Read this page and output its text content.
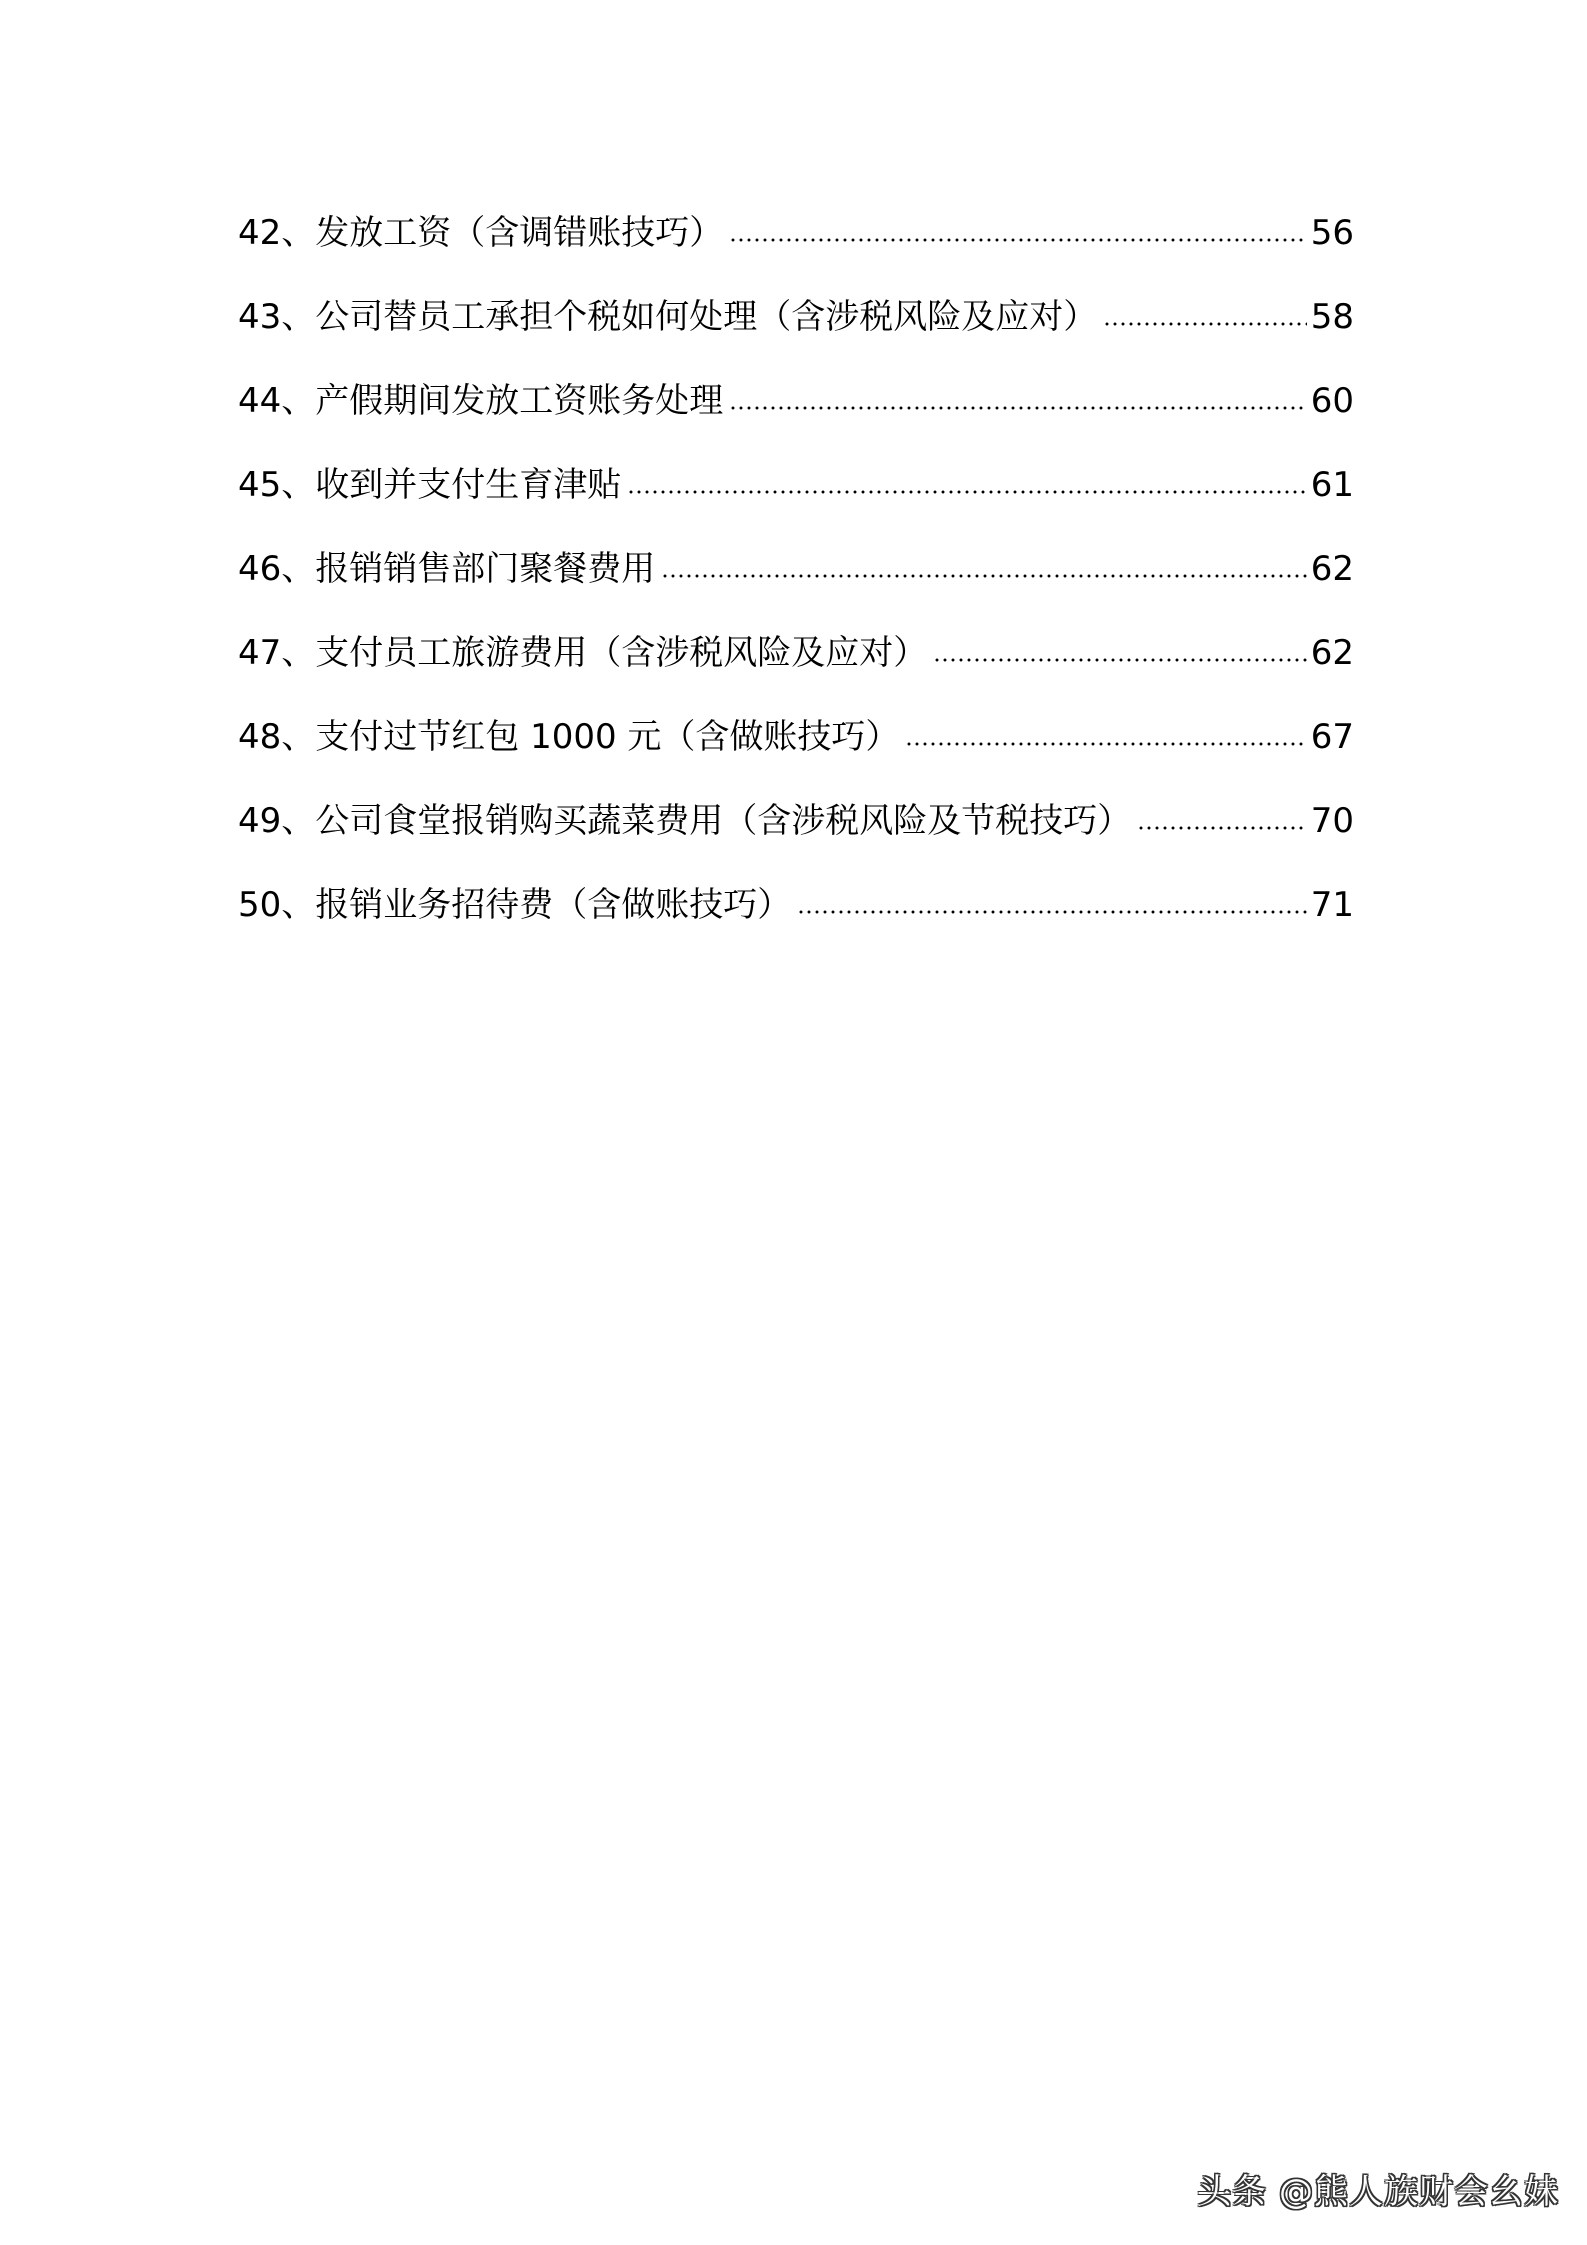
42、 发放工资（含调错账技巧）	56
43、 公司替员工承担个税如何处理（含涉税风险及应对）	58
44、 产假期间发放工资账务处理	60
45、 收到并支付生育津贴	61
46、 报销销售部门聚餐费用	62
47、 支付员工旅游费用（含涉税风险及应对）	62
48、 支付过节红包 1000 元（含做账技巧）	67
49、 公司食堂报销购买蔬菜费用（含涉税风险及节税技巧）	70
50、 报销业务招待费（含做账技巧）	71
头条 @熊人族财会幺妹
